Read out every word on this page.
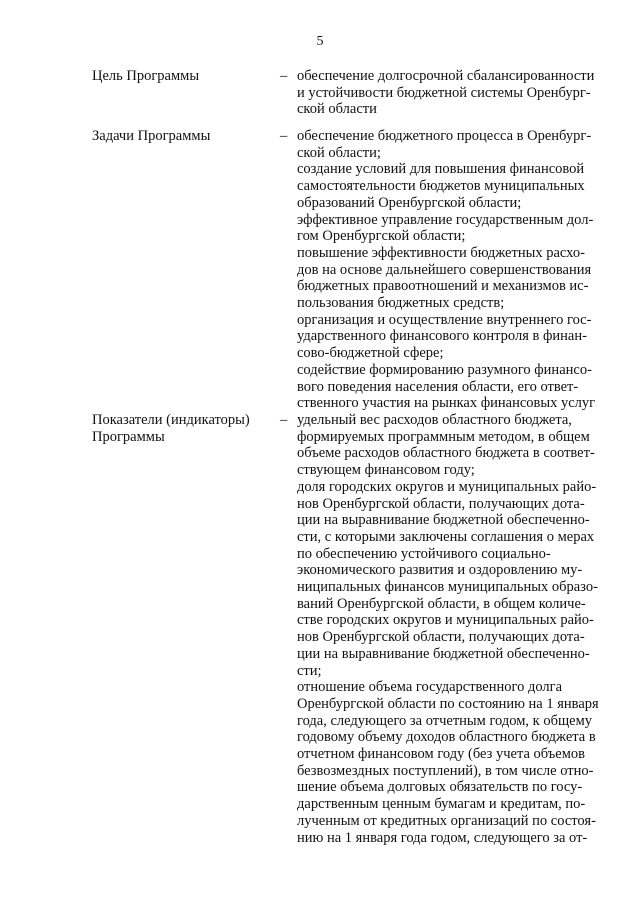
5
Цель Программы	– обеспечение долгосрочной сбалансированности
и устойчивости бюджетной системы Оренбург-
ской области

Задачи Программы	– обеспечение бюджетного процесса в Оренбург-
ской области;

создание условий для повышения финансовой
самостоятельности бюджетов муниципальных
образований Оренбургской области;

эффективное управление государственным дол-
гом Оренбургской области;

повышение эффективности бюджетных расхо-
дов на основе дальнейшего совершенствования
бюджетных правоотношений и механизмов ис-
пользования бюджетных средств;

организация и осуществление внутреннего гос-
ударственного финансового контроля в финан-
сово-бюджетной сфере;

содействие формированию разумного финансо-
вого поведения населения области, его ответ-
ственного участия на рынках финансовых услуг

Показатели (индикаторы)
Программы
– удельный вес расходов областного бюджета,
формируемых программным методом, в общем
объеме расходов областного бюджета в соответ-
ствующем финансовом году;

доля городских округов и муниципальных райо-
нов Оренбургской области, получающих дота-
ции на выравнивание бюджетной обеспеченно-
сти, с которыми заключены соглашения о мерах
по обеспечению устойчивого социально-
экономического развития и оздоровлению му-
ниципальных финансов муниципальных образо-
ваний Оренбургской области, в общем количе-
стве городских округов и муниципальных райо-
нов Оренбургской области, получающих дота-
ции на выравнивание бюджетной обеспеченно-
сти;

отношение объема государственного долга
Оренбургской области по состоянию на 1 января
года, следующего за отчетным годом, к общему
годовому объему доходов областного бюджета в
отчетном финансовом году (без учета объемов
безвозмездных поступлений), в том числе отно-
шение объема долговых обязательств по госу-
дарственным ценным бумагам и кредитам, по-
лученным от кредитных организаций по состоя-
нию на 1 января года годом, следующего за от-
